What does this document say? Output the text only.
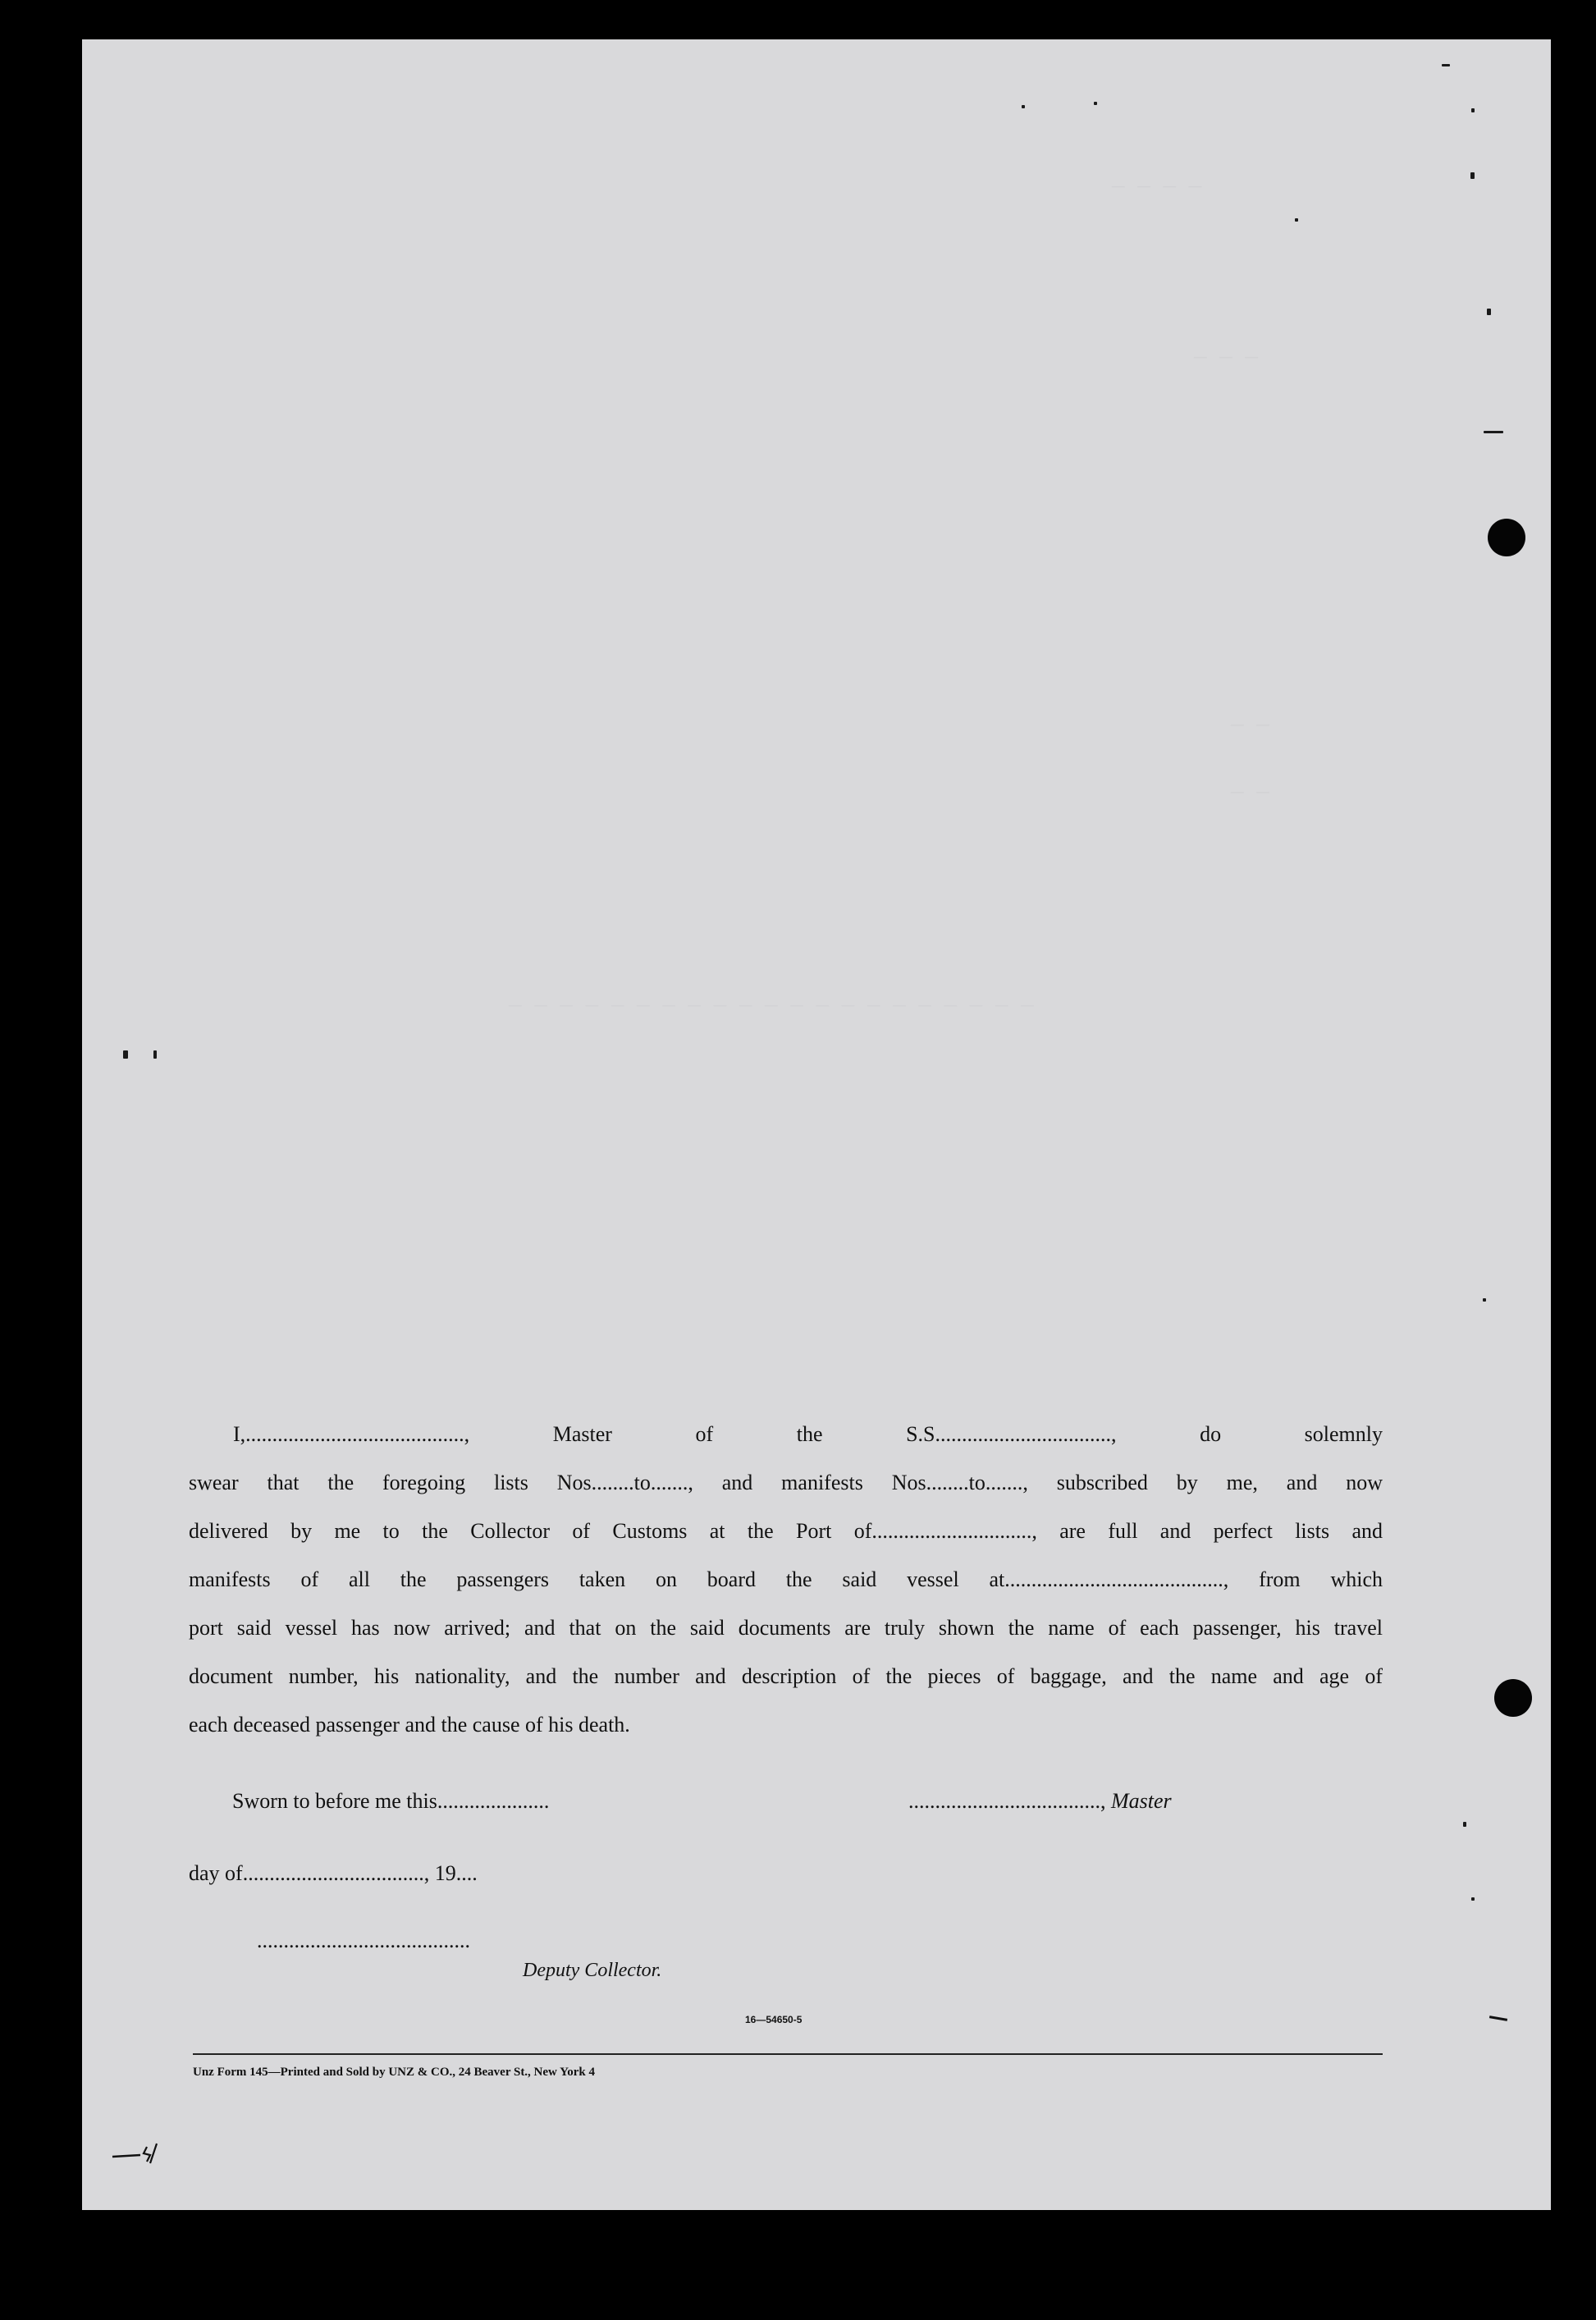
— — — —
— — —
— —
— —
— — — — — — — — — — — — — — — — — — — — —
I,........................................., Master of the S.S................................., do solemnly
swear that the foregoing lists Nos........to......., and manifests Nos........to......., subscribed by me, and now
delivered by me to the Collector of Customs at the Port of.............................., are full and perfect lists and
manifests of all the passengers taken on board the said vessel at........................................., from which
port said vessel has now arrived; and that on the said documents are truly shown the name of each passenger, his travel
document number, his nationality, and the number and description of the pieces of baggage, and the name and age of
each deceased passenger and the cause of his death.
Sworn to before me this.....................	...................................., Master
day of.................................., 19....
........................................
Deputy Collector.
16—54650-5
Unz Form 145—Printed and Sold by UNZ & CO., 24 Beaver St., New York 4
